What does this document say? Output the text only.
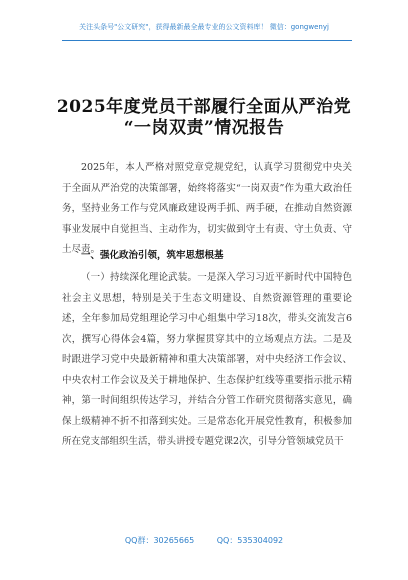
关注头条号"公文研究"，获得最新最全最专业的公文资料库！ 微信：gongwenyj
2025年度党员干部履行全面从严治党
“一岗双责”情况报告
2025年，本人严格对照党章党规党纪，认真学习贯彻党中央关于全面从严治党的决策部署，始终将落实“一岗双责”作为重大政治任务，坚持业务工作与党风廉政建设两手抓、两手硬，在推动自然资源事业发展中自觉担当、主动作为，切实做到守土有责、守土负责、守土尽责。
一、强化政治引领，筑牢思想根基
（一）持续深化理论武装。一是深入学习习近平新时代中国特色社会主义思想，特别是关于生态文明建设、自然资源管理的重要论述，全年参加局党组理论学习中心组集中学习18次，带头交流发言6次，撰写心得体会4篇，努力掌握贯穿其中的立场观点方法。二是及时跟进学习党中央最新精神和重大决策部署，对中央经济工作会议、中央农村工作会议及关于耕地保护、生态保护红线等重要指示批示精神，第一时间组织传达学习，并结合分管工作研究贯彻落实意见，确保上级精神不折不扣落到实处。三是常态化开展党性教育，积极参加所在党支部组织生活，带头讲授专题党课2次，引导分管领域党员干
QQ群：30265665	QQ：535304092
